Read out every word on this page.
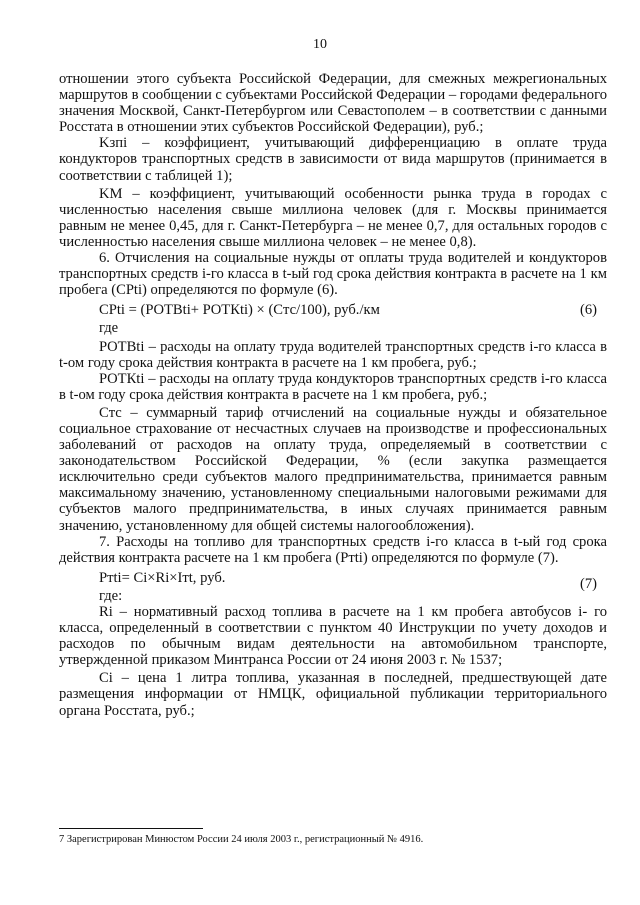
10

отношении этого субъекта Российской Федерации, для смежных межрегиональных маршрутов в сообщении с субъектами Российской Федерации – городами федерального значения Москвой, Санкт-Петербургом или Севастополем – в соответствии с данными Росстата в отношении этих субъектов Российской Федерации), руб.;

Kзпi – коэффициент, учитывающий дифференциацию в оплате труда кондукторов транспортных средств в зависимости от вида маршрутов (принимается в соответствии с таблицей 1);

KМ – коэффициент, учитывающий особенности рынка труда в городах с численностью населения свыше миллиона человек (для г. Москвы принимается равным не менее 0,45, для г. Санкт-Петербурга – не менее 0,7, для остальных городов с численностью населения свыше миллиона человек – не менее 0,8).

6. Отчисления на социальные нужды от оплаты труда водителей и кондукторов транспортных средств i-го класса в t-ый год срока действия контракта в расчете на 1 км пробега (CPti) определяются по формуле (6).

CPti = (PОТВti+ PОТКti) × (Cтс/100), руб./км	(6)

где

PОТВti – расходы на оплату труда водителей транспортных средств i-го класса в t-ом году срока действия контракта в расчете на 1 км пробега, руб.;

PОТКti – расходы на оплату труда кондукторов транспортных средств i-го класса в t-ом году срока действия контракта в расчете на 1 км пробега, руб.;

Cтс – суммарный тариф отчислений на социальные нужды и обязательное социальное страхование от несчастных случаев на производстве и профессиональных заболеваний от расходов на оплату труда, определяемый в соответствии с законодательством Российской Федерации, % (если закупка размещается исключительно среди субъектов малого предпринимательства, принимается равным максимальному значению, установленному специальными налоговыми режимами для субъектов малого предпринимательства, в иных случаях принимается равным значению, установленному для общей системы налогообложения).

7. Расходы на топливо для транспортных средств i-го класса в t-ый год срока действия контракта расчете на 1 км пробега (Pтti) определяются по формуле (7).

Pтti= Ci×Ri×Iтt, руб.	(7)

где:

Ri – нормативный расход топлива в расчете на 1 км пробега автобусов i- го класса, определенный в соответствии с пунктом 40 Инструкции по учету доходов и расходов по обычным видам деятельности на автомобильном транспорте, утвержденной приказом Минтранса России от 24 июня 2003 г. № 1537;

Ci – цена 1 литра топлива, указанная в последней, предшествующей дате размещения информации от НМЦК, официальной публикации территориального органа Росстата, руб.;

7 Зарегистрирован Минюстом России 24 июля 2003 г., регистрационный № 4916.
